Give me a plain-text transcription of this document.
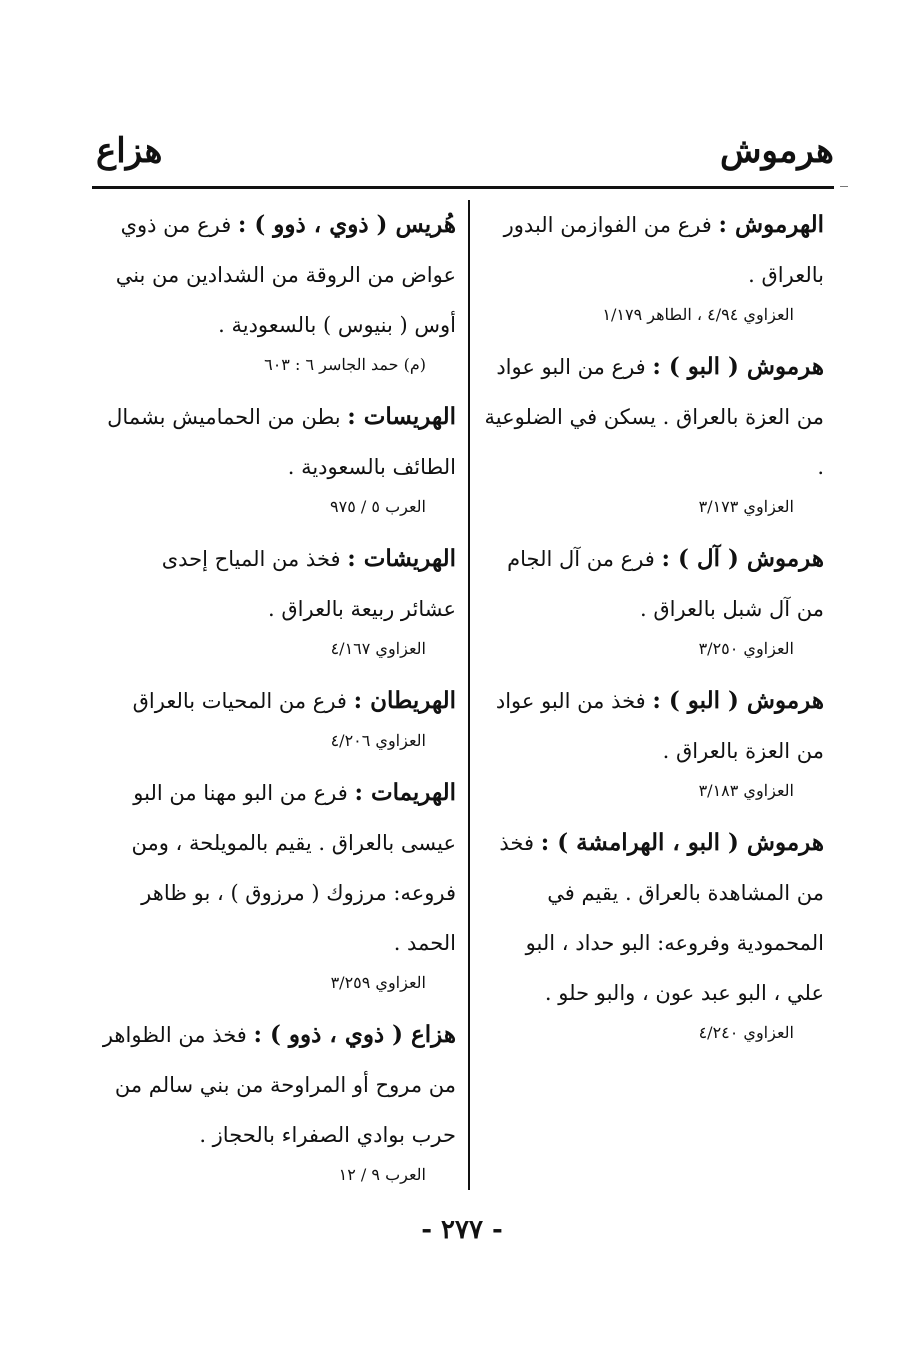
هرموش
هزاع

الهرموش : فرع من الفوازمن البدور بالعراق .

العزاوي ٤/٩٤ ، الطاهر ١/١٧٩

هرموش ( البو ) : فرع من البو عواد من العزة بالعراق . يسكن في الضلوعية .

العزاوي ٣/١٧٣

هرموش ( آل ) : فرع من آل الجام من آل شبل بالعراق .

العزاوي ٣/٢٥٠

هرموش ( البو ) : فخذ من البو عواد من العزة بالعراق .

العزاوي ٣/١٨٣

هرموش ( البو ، الهرامشة ) : فخذ من المشاهدة بالعراق . يقيم في المحمودية وفروعه: البو حداد ، البو علي ، البو عبد عون ، والبو حلو .

العزاوي ٤/٢٤٠

هُريس ( ذوي ، ذوو ) : فرع من ذوي عواض من الروقة من الشدادين من بني أوس ( بنيوس ) بالسعودية .

(م) حمد الجاسر ٦ : ٦٠٣

الهريسات : بطن من الحماميش بشمال الطائف بالسعودية .

العرب ٥ / ٩٧٥

الهريشات : فخذ من المياح إحدى عشائر ربيعة بالعراق .

العزاوي ٤/١٦٧

الهريطان : فرع من المحيات بالعراق

العزاوي ٤/٢٠٦

الهريمات : فرع من البو مهنا من البو عيسى بالعراق . يقيم بالمويلحة ، ومن فروعه: مرزوك ( مرزوق ) ، بو ظاهر الحمد .

العزاوي ٣/٢٥٩

هزاع ( ذوي ، ذوو ) : فخذ من الظواهر من مروح أو المراوحة من بني سالم من حرب بوادي الصفراء بالحجاز .

العرب ٩ / ١٢

- ٢٧٧ -
